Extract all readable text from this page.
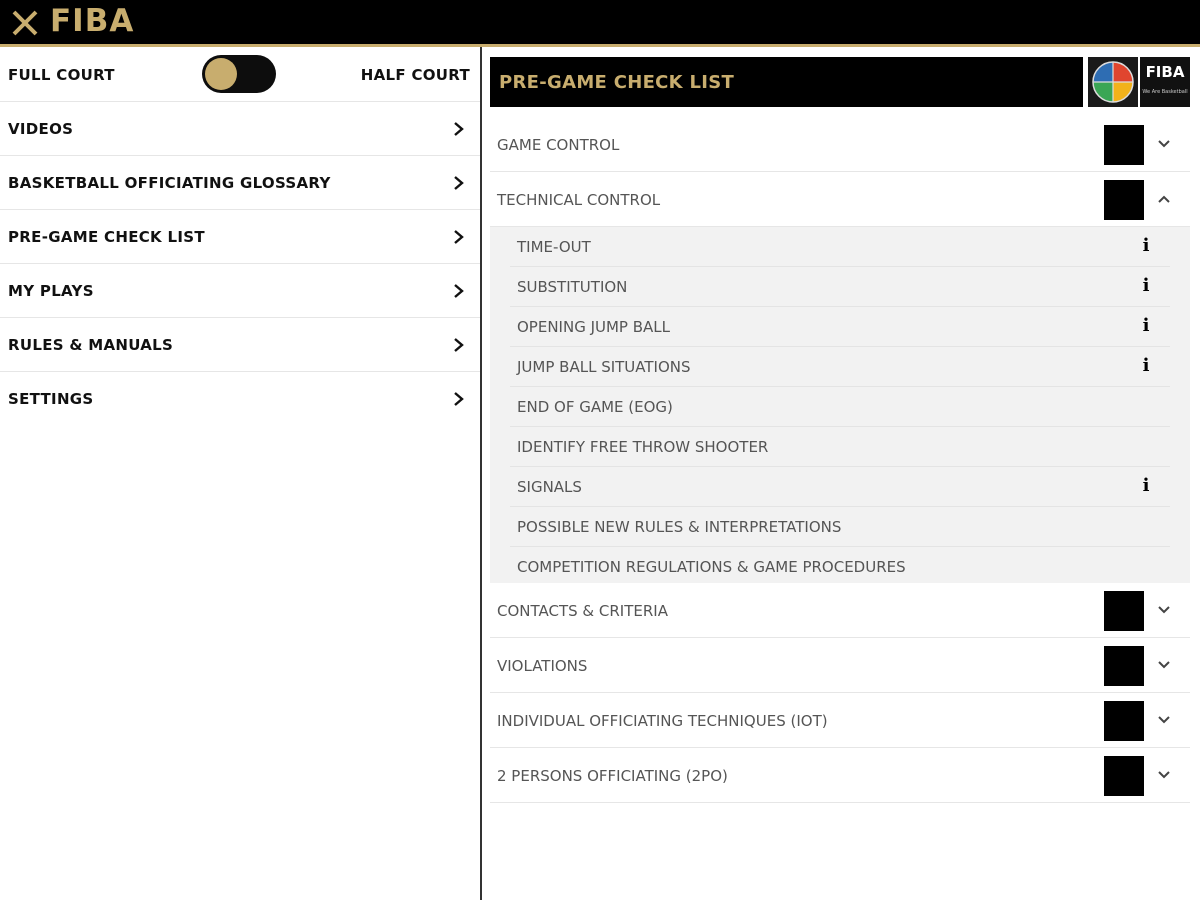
FIBA
FULL COURT	HALF COURT
VIDEOS
BASKETBALL OFFICIATING GLOSSARY
PRE-GAME CHECK LIST
MY PLAYS
RULES & MANUALS
SETTINGS
PRE-GAME CHECK LIST	FIBA
We Are Basketball
GAME CONTROL
TECHNICAL CONTROL
TIME-OUT	i
SUBSTITUTION	i
OPENING JUMP BALL	i
JUMP BALL SITUATIONS	i
END OF GAME (EOG)
IDENTIFY FREE THROW SHOOTER
SIGNALS	i
POSSIBLE NEW RULES & INTERPRETATIONS
COMPETITION REGULATIONS & GAME PROCEDURES
CONTACTS & CRITERIA
VIOLATIONS
INDIVIDUAL OFFICIATING TECHNIQUES (IOT)
2 PERSONS OFFICIATING (2PO)
